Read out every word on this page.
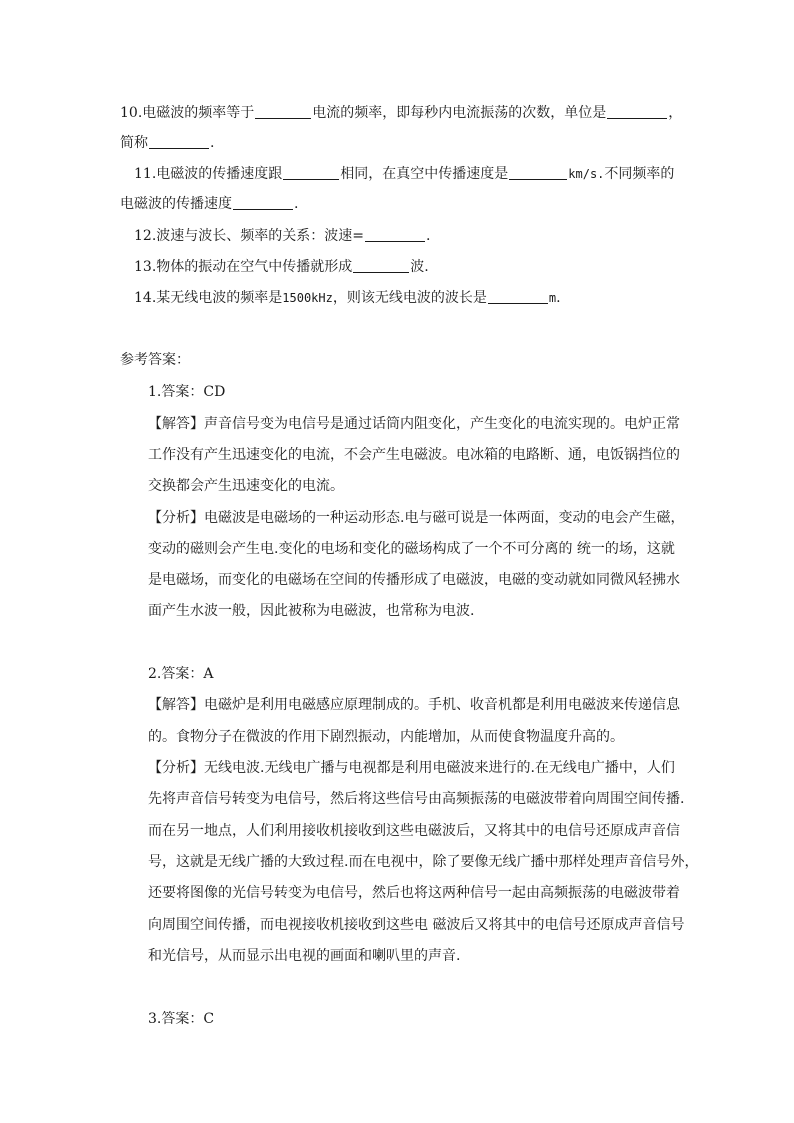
10.电磁波的频率等于	电流的频率，即每秒内电流振荡的次数，单位是	，
简称	.
11.电磁波的传播速度跟	相同，在真空中传播速度是	km/s.不同频率的
电磁波的传播速度	.
12.波速与波长、频率的关系：波速=	.
13.物体的振动在空气中传播就形成	波.
14.某无线电波的频率是1500kHz，则该无线电波的波长是	m.
参考答案：
1.答案：CD
【解答】声音信号变为电信号是通过话筒内阻变化，产生变化的电流实现的。电炉正常
工作没有产生迅速变化的电流，不会产生电磁波。电冰箱的电路断、通，电饭锅挡位的
交换都会产生迅速变化的电流。
【分析】电磁波是电磁场的一种运动形态.电与磁可说是一体两面，变动的电会产生磁，
变动的磁则会产生电.变化的电场和变化的磁场构成了一个不可分离的 统一的场，这就
是电磁场，而变化的电磁场在空间的传播形成了电磁波，电磁的变动就如同微风轻拂水
面产生水波一般，因此被称为电磁波，也常称为电波.
2.答案：A
【解答】电磁炉是利用电磁感应原理制成的。手机、收音机都是利用电磁波来传递信息
的。食物分子在微波的作用下剧烈振动，内能增加，从而使食物温度升高的。
【分析】无线电波.无线电广播与电视都是利用电磁波来进行的.在无线电广播中，人们
先将声音信号转变为电信号，然后将这些信号由高频振荡的电磁波带着向周围空间传播.
而在另一地点，人们利用接收机接收到这些电磁波后，又将其中的电信号还原成声音信
号，这就是无线广播的大致过程.而在电视中，除了要像无线广播中那样处理声音信号外，
还要将图像的光信号转变为电信号，然后也将这两种信号一起由高频振荡的电磁波带着
向周围空间传播，而电视接收机接收到这些电 磁波后又将其中的电信号还原成声音信号
和光信号，从而显示出电视的画面和喇叭里的声音.
3.答案：C
